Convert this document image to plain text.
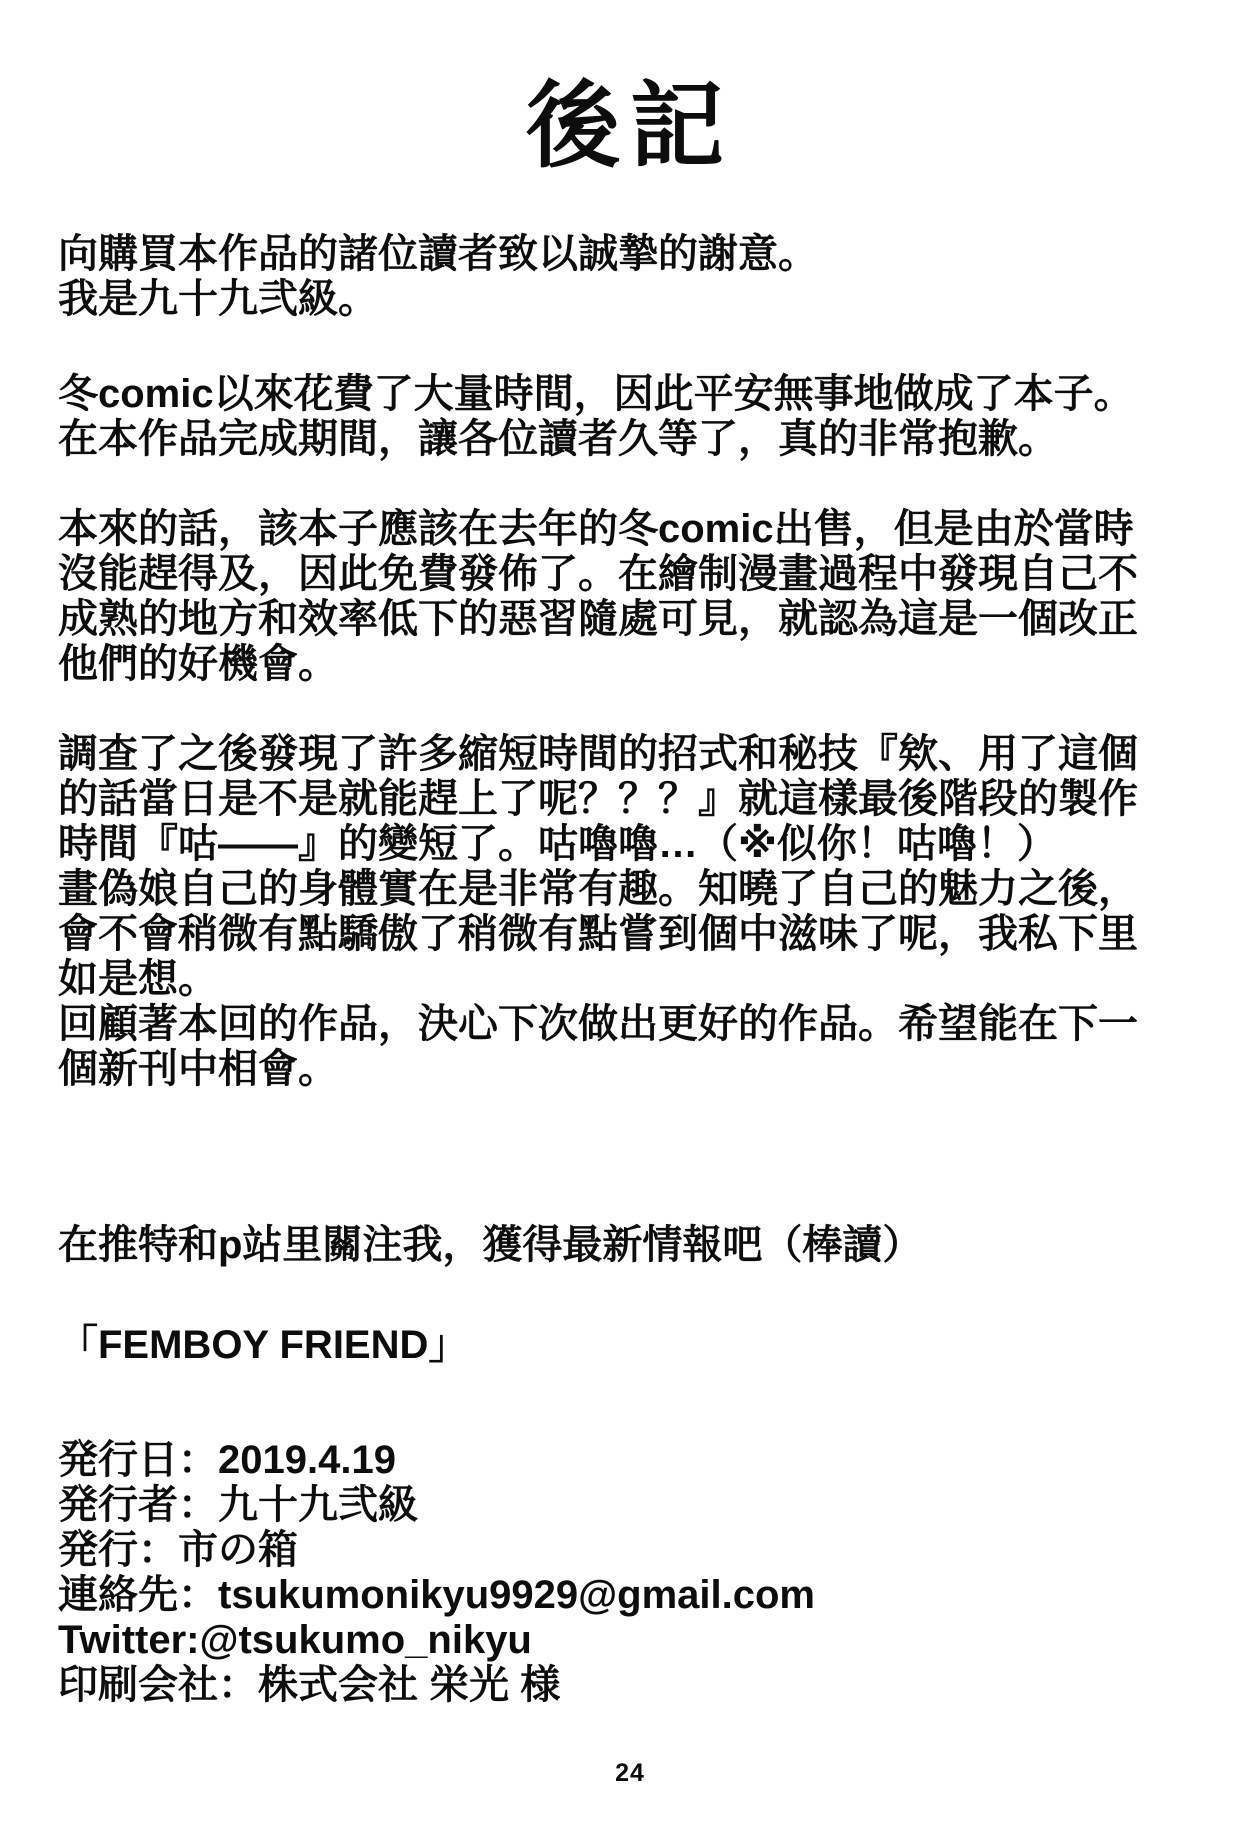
後記

向購買本作品的諸位讀者致以誠摯的謝意。
我是九十九弐級。

冬comic以來花費了大量時間，因此平安無事地做成了本子。
在本作品完成期間，讓各位讀者久等了，真的非常抱歉。

本來的話，該本子應該在去年的冬comic出售，但是由於當時
沒能趕得及，因此免費發佈了。在繪制漫畫過程中發現自己不
成熟的地方和效率低下的惡習隨處可見，就認為這是一個改正
他們的好機會。

調查了之後發現了許多縮短時間的招式和秘技『欸、用了這個
的話當日是不是就能趕上了呢？？？』就這樣最後階段的製作
時間『咕——』的變短了。咕嚕嚕…（※似你！咕嚕！）
畫偽娘自己的身體實在是非常有趣。知曉了自己的魅力之後，
會不會稍微有點驕傲了稍微有點嘗到個中滋味了呢，我私下里
如是想。
回顧著本回的作品，決心下次做出更好的作品。希望能在下一
個新刊中相會。

在推特和p站里關注我，獲得最新情報吧（棒讀）

「FEMBOY FRIEND」

発行日：2019.4.19
発行者：九十九弐級
発行：市の箱
連絡先：tsukumonikyu9929@gmail.com
Twitter:@tsukumo_nikyu
印刷会社：株式会社 栄光 様
24
